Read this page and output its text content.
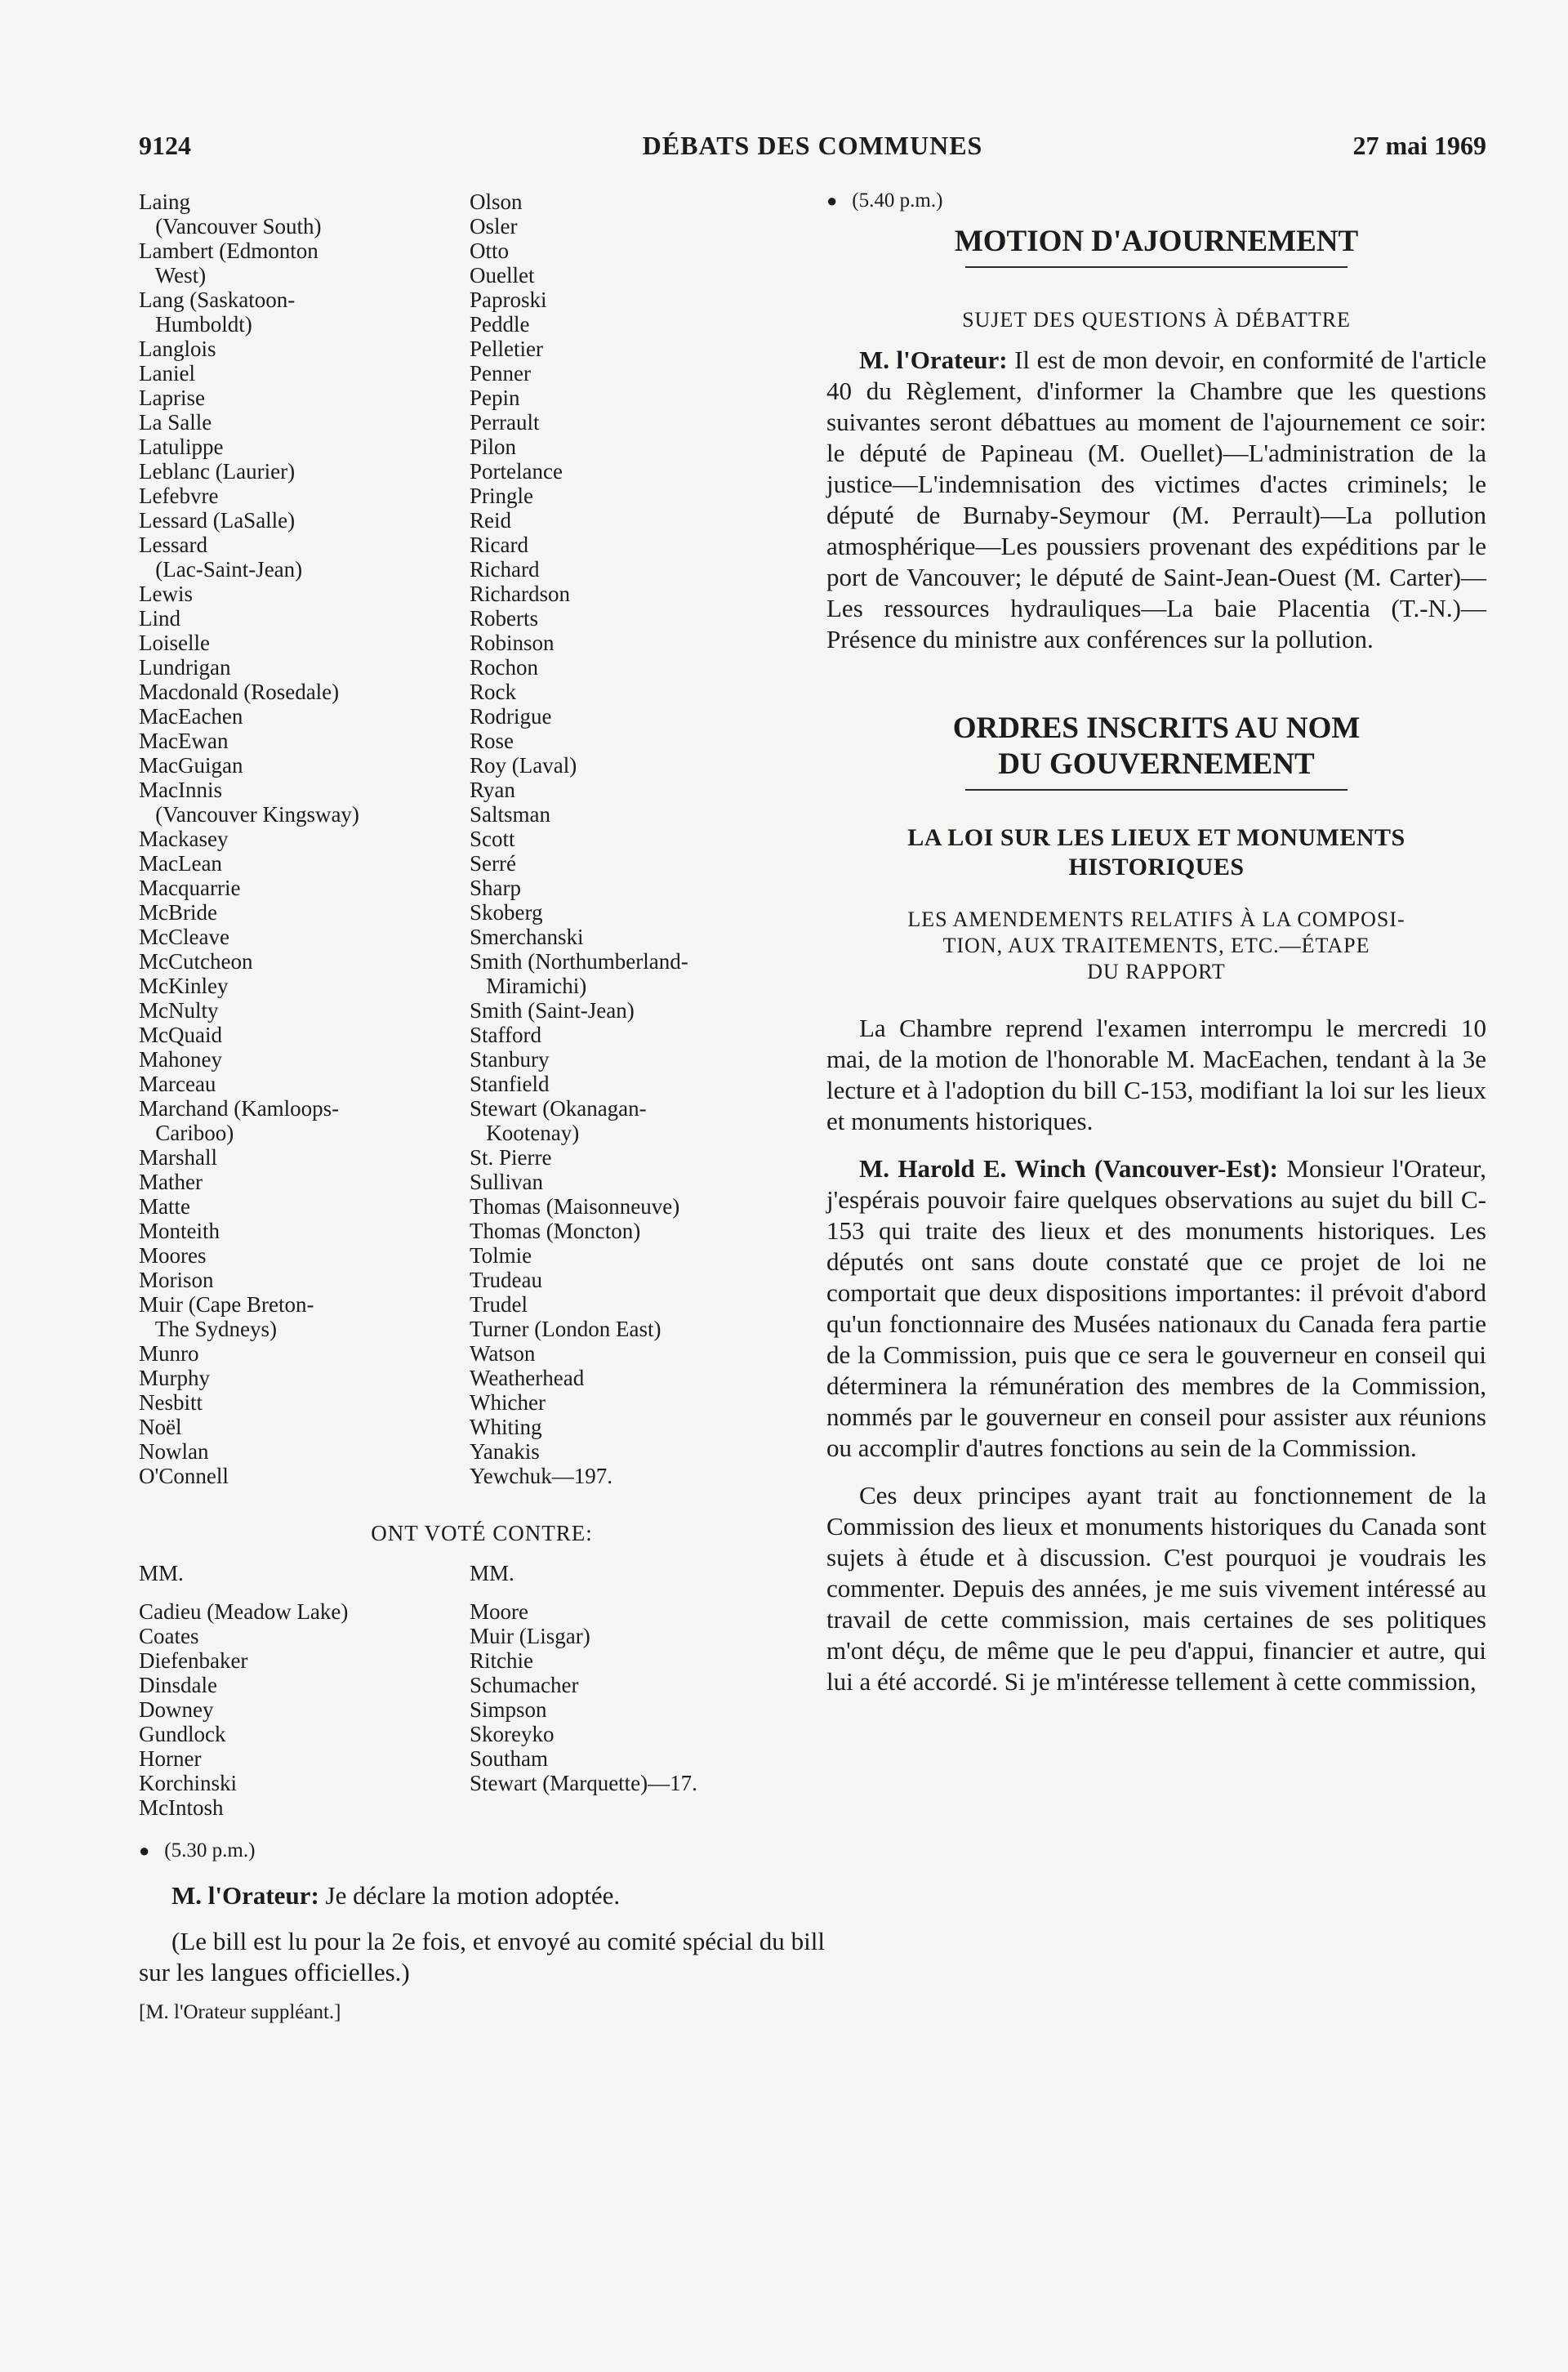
9124	DÉBATS DES COMMUNES	27 mai 1969
Laing
(Vancouver South)
Lambert (Edmonton
West)
Lang (Saskatoon-
Humboldt)
Langlois
Laniel
Laprise
La Salle
Latulippe
Leblanc (Laurier)
Lefebvre
Lessard (LaSalle)
Lessard
(Lac-Saint-Jean)
Lewis
Lind
Loiselle
Lundrigan
Macdonald (Rosedale)
MacEachen
MacEwan
MacGuigan
MacInnis
(Vancouver Kingsway)
Mackasey
MacLean
Macquarrie
McBride
McCleave
McCutcheon
McKinley
McNulty
McQuaid
Mahoney
Marceau
Marchand (Kamloops-
Cariboo)
Marshall
Mather
Matte
Monteith
Moores
Morison
Muir (Cape Breton-
The Sydneys)
Munro
Murphy
Nesbitt
Noël
Nowlan
O'Connell
Olson
Osler
Otto
Ouellet
Paproski
Peddle
Pelletier
Penner
Pepin
Perrault
Pilon
Portelance
Pringle
Reid
Ricard
Richard
Richardson
Roberts
Robinson
Rochon
Rock
Rodrigue
Rose
Roy (Laval)
Ryan
Saltsman
Scott
Serré
Sharp
Skoberg
Smerchanski
Smith (Northumberland-
Miramichi)
Smith (Saint-Jean)
Stafford
Stanbury
Stanfield
Stewart (Okanagan-
Kootenay)
St. Pierre
Sullivan
Thomas (Maisonneuve)
Thomas (Moncton)
Tolmie
Trudeau
Trudel
Turner (London East)
Watson
Weatherhead
Whicher
Whiting
Yanakis
Yewchuk—197.
ONT VOTÉ CONTRE:
MM.	MM.
Cadieu (Meadow Lake)
Coates
Diefenbaker
Dinsdale
Downey
Gundlock
Horner
Korchinski
McIntosh
Moore
Muir (Lisgar)
Ritchie
Schumacher
Simpson
Skoreyko
Southam
Stewart (Marquette)—17.
● (5.30 p.m.)
M. l'Orateur: Je déclare la motion adoptée.
(Le bill est lu pour la 2e fois, et envoyé au comité spécial du bill sur les langues officielles.)
[M. l'Orateur suppléant.]
● (5.40 p.m.)
MOTION D'AJOURNEMENT
SUJET DES QUESTIONS À DÉBATTRE
M. l'Orateur: Il est de mon devoir, en conformité de l'article 40 du Règlement, d'informer la Chambre que les questions suivantes seront débattues au moment de l'ajournement ce soir: le député de Papineau (M. Ouellet)—L'administration de la justice—L'indemnisation des victimes d'actes criminels; le député de Burnaby-Seymour (M. Perrault)—La pollution atmosphérique—Les poussiers provenant des expéditions par le port de Vancouver; le député de Saint-Jean-Ouest (M. Carter)—Les ressources hydrauliques—La baie Placentia (T.-N.)—Présence du ministre aux conférences sur la pollution.
ORDRES INSCRITS AU NOM
DU GOUVERNEMENT
LA LOI SUR LES LIEUX ET MONUMENTS
HISTORIQUES
LES AMENDEMENTS RELATIFS À LA COMPOSI-
TION, AUX TRAITEMENTS, ETC.—ÉTAPE
DU RAPPORT
La Chambre reprend l'examen interrompu le mercredi 10 mai, de la motion de l'honorable M. MacEachen, tendant à la 3e lecture et à l'adoption du bill C-153, modifiant la loi sur les lieux et monuments historiques.
M. Harold E. Winch (Vancouver-Est): Monsieur l'Orateur, j'espérais pouvoir faire quelques observations au sujet du bill C-153 qui traite des lieux et des monuments historiques. Les députés ont sans doute constaté que ce projet de loi ne comportait que deux dispositions importantes: il prévoit d'abord qu'un fonctionnaire des Musées nationaux du Canada fera partie de la Commission, puis que ce sera le gouverneur en conseil qui déterminera la rémunération des membres de la Commission, nommés par le gouverneur en conseil pour assister aux réunions ou accomplir d'autres fonctions au sein de la Commission.
Ces deux principes ayant trait au fonctionnement de la Commission des lieux et monuments historiques du Canada sont sujets à étude et à discussion. C'est pourquoi je voudrais les commenter. Depuis des années, je me suis vivement intéressé au travail de cette commission, mais certaines de ses politiques m'ont déçu, de même que le peu d'appui, financier et autre, qui lui a été accordé. Si je m'intéresse tellement à cette commission,
